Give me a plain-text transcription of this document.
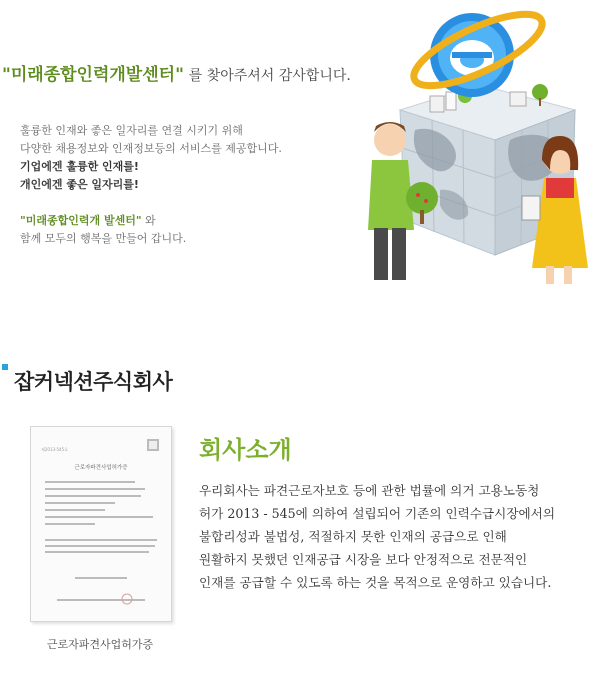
"미래종합인력개발센터" 를 찾아주셔서 감사합니다.

훌륭한 인재와 좋은 일자리를 연결 시키기 위해

다양한 채용정보와 인재정보등의 서비스를 제공합니다.

기업에겐 훌륭한 인재를!

개인에겐 좋은 일자리를!

"미래종합인력개 발센터" 와

함께 모두의 행복을 만들어 갑니다.

잡커넥션주식회사
제2013-545호
근로자파견사업허가증
근로자파견사업허가증
회사소개

우리회사는 파견근로자보호 등에 관한 법률에 의거 고용노동청

허가 2013 - 545에 의하여 설립되어 기존의 인력수급시장에서의

불합리성과 불법성, 적절하지 못한 인재의 공급으로 인해

원활하지 못했던 인재공급 시장을 보다 안정적으로 전문적인

인재를 공급할 수 있도록 하는 것을 목적으로 운영하고 있습니다.
